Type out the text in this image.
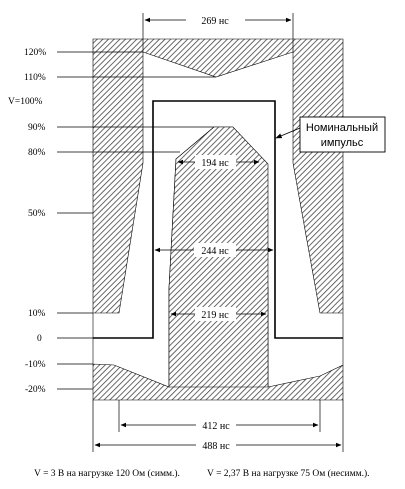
269 нс
194 нс
244 нс
219 нс
412 нс
488 нс
Номинальный
импульс
120%
110%
V=100%
90%
80%
50%
10%
0
-10%
-20%
V = 3 В на нагрузке 120 Ом (симм.).	V = 2,37 В на нагрузке 75 Ом (несимм.).
